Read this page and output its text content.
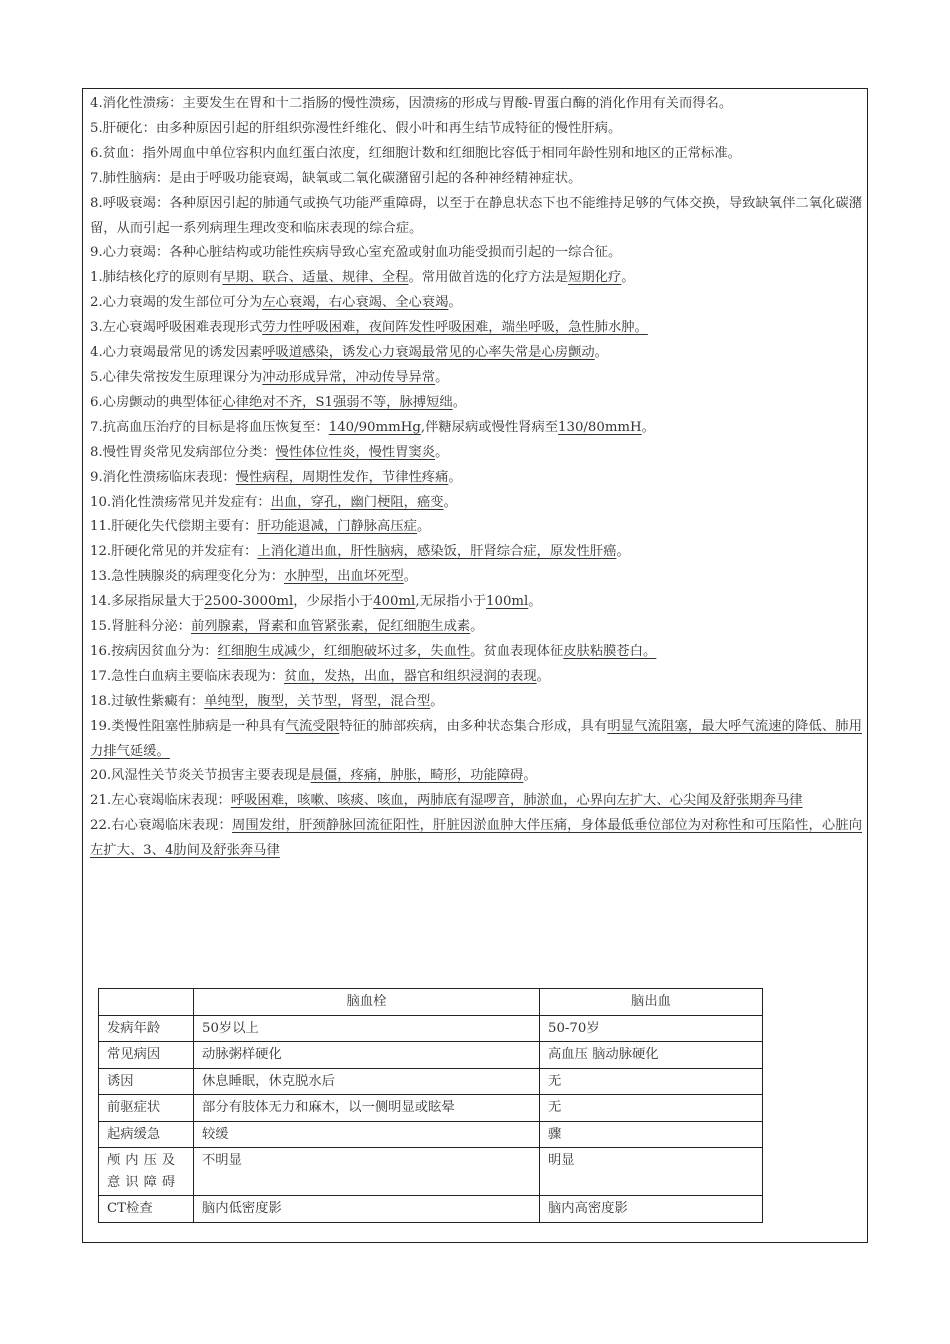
4.消化性溃疡：主要发生在胃和十二指肠的慢性溃疡，因溃疡的形成与胃酸-胃蛋白酶的消化作用有关而得名。

5.肝硬化：由多种原因引起的肝组织弥漫性纤维化、假小叶和再生结节成特征的慢性肝病。

6.贫血：指外周血中单位容积内血红蛋白浓度，红细胞计数和红细胞比容低于相同年龄性别和地区的正常标准。

7.肺性脑病：是由于呼吸功能衰竭，缺氧或二氧化碳潴留引起的各种神经精神症状。

8.呼吸衰竭：各种原因引起的肺通气或换气功能严重障碍，以至于在静息状态下也不能维持足够的气体交换，导致缺氧伴二氧化碳潴留，从而引起一系列病理生理改变和临床表现的综合症。

9.心力衰竭：各种心脏结构或功能性疾病导致心室充盈或射血功能受损而引起的一综合征。

1.肺结核化疗的原则有早期、联合、适量、规律、全程。常用做首选的化疗方法是短期化疗。

2.心力衰竭的发生部位可分为左心衰竭，右心衰竭、全心衰竭。

3.左心衰竭呼吸困难表现形式劳力性呼吸困难，夜间阵发性呼吸困难，端坐呼吸，急性肺水肿。

4.心力衰竭最常见的诱发因素呼吸道感染，诱发心力衰竭最常见的心率失常是心房颤动。

5.心律失常按发生原理课分为冲动形成异常，冲动传导异常。

6.心房颤动的典型体征心律绝对不齐，S1强弱不等，脉搏短绌。

7.抗高血压治疗的目标是将血压恢复至：140/90mmHg,伴糖尿病或慢性肾病至130/80mmH。

8.慢性胃炎常见发病部位分类：慢性体位性炎，慢性胃窦炎。

9.消化性溃疡临床表现：慢性病程，周期性发作，节律性疼痛。

10.消化性溃疡常见并发症有：出血，穿孔，幽门梗阻，癌变。

11.肝硬化失代偿期主要有：肝功能退减，门静脉高压症。

12.肝硬化常见的并发症有：上消化道出血，肝性脑病，感染饭，肝肾综合症，原发性肝癌。

13.急性胰腺炎的病理变化分为：水肿型，出血坏死型。

14.多尿指尿量大于2500-3000ml，少尿指小于400ml,无尿指小于100ml。

15.肾脏科分泌：前列腺素，肾素和血管紧张素，促红细胞生成素。

16.按病因贫血分为：红细胞生成减少，红细胞破坏过多，失血性。贫血表现体征皮肤粘膜苍白。

17.急性白血病主要临床表现为：贫血，发热，出血，器官和组织浸润的表现。

18.过敏性紫癜有：单纯型，腹型，关节型，肾型，混合型。

19.类慢性阻塞性肺病是一种具有气流受限特征的肺部疾病，由多种状态集合形成，具有明显气流阻塞，最大呼气流速的降低、肺用力排气延缓。

20.风湿性关节炎关节损害主要表现是晨僵，疼痛，肿胀，畸形，功能障碍。

21.左心衰竭临床表现：呼吸困难，咳嗽、咳痰、咳血，两肺底有湿啰音，肺淤血，心界向左扩大、心尖闻及舒张期奔马律

22.右心衰竭临床表现：周围发绀，肝颈静脉回流征阳性，肝脏因淤血肿大伴压痛，身体最低垂位部位为对称性和可压陷性，心脏向左扩大、3、4肋间及舒张奔马律

	脑血栓	脑出血
发病年龄	50岁以上	50-70岁
常见病因	动脉粥样硬化	高血压 脑动脉硬化
诱因	休息睡眠，休克脱水后	无
前驱症状	部分有肢体无力和麻木，以一侧明显或眩晕	无
起病缓急	较缓	骤
颅内压及意识障碍	不明显	明显
CT检查	脑内低密度影	脑内高密度影
